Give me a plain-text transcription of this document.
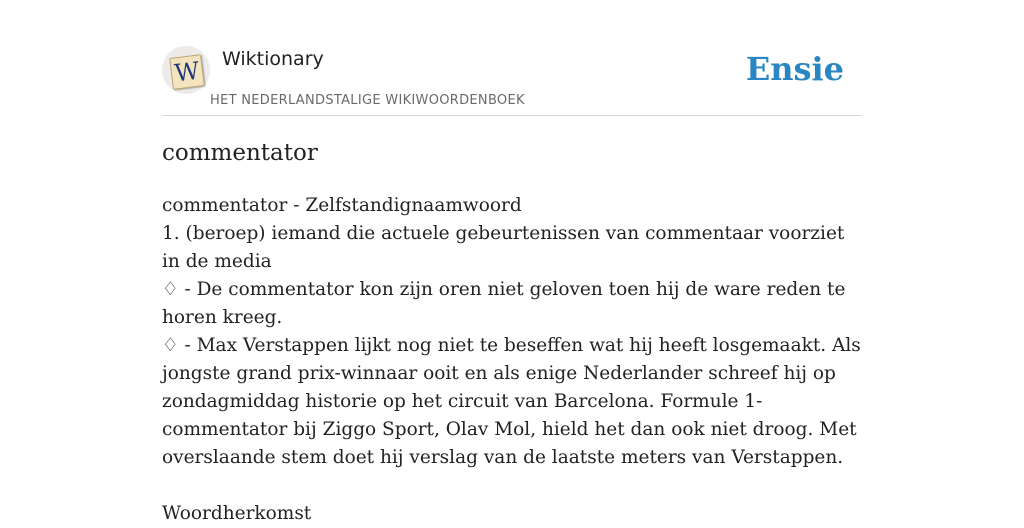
W Wiktionary
HET NEDERLANDSTALIGE WIKIWOORDENBOEK
Ensie
commentator

commentator - Zelfstandignaamwoord

1. (beroep) iemand die actuele gebeurtenissen van commentaar voorziet in de media

♢ - De commentator kon zijn oren niet geloven toen hij de ware reden te horen kreeg.

♢ - Max Verstappen lijkt nog niet te beseffen wat hij heeft losgemaakt. Als jongste grand prix-winnaar ooit en als enige Nederlander schreef hij op zondagmiddag historie op het circuit van Barcelona. Formule 1-commentator bij Ziggo Sport, Olav Mol, hield het dan ook niet droog. Met overslaande stem doet hij verslag van de laatste meters van Verstappen.

Woordherkomst
